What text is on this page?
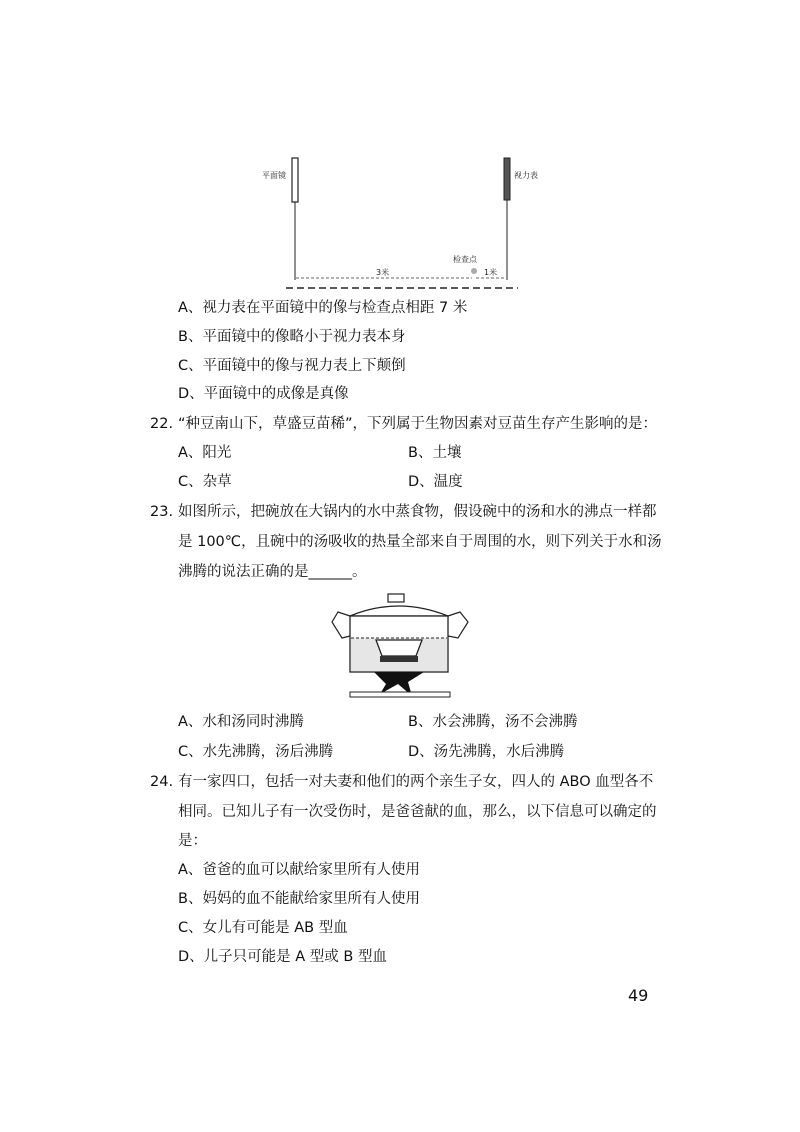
平面镜	视力表
检查点
3米	1米
A、视力表在平面镜中的像与检查点相距 7 米
B、平面镜中的像略小于视力表本身
C、平面镜中的像与视力表上下颠倒
D、平面镜中的成像是真像
22. “种豆南山下，草盛豆苗稀”，下列属于生物因素对豆苗生存产生影响的是：
A、阳光	B、土壤
C、杂草	D、温度
23. 如图所示，把碗放在大锅内的水中蒸食物，假设碗中的汤和水的沸点一样都
是 100℃，且碗中的汤吸收的热量全部来自于周围的水，则下列关于水和汤
沸腾的说法正确的是______。
A、水和汤同时沸腾	B、水会沸腾，汤不会沸腾
C、水先沸腾，汤后沸腾	D、汤先沸腾，水后沸腾
24. 有一家四口，包括一对夫妻和他们的两个亲生子女，四人的 ABO 血型各不
相同。已知儿子有一次受伤时，是爸爸献的血，那么，以下信息可以确定的
是：
A、爸爸的血可以献给家里所有人使用
B、妈妈的血不能献给家里所有人使用
C、女儿有可能是 AB 型血
D、儿子只可能是 A 型或 B 型血
49
